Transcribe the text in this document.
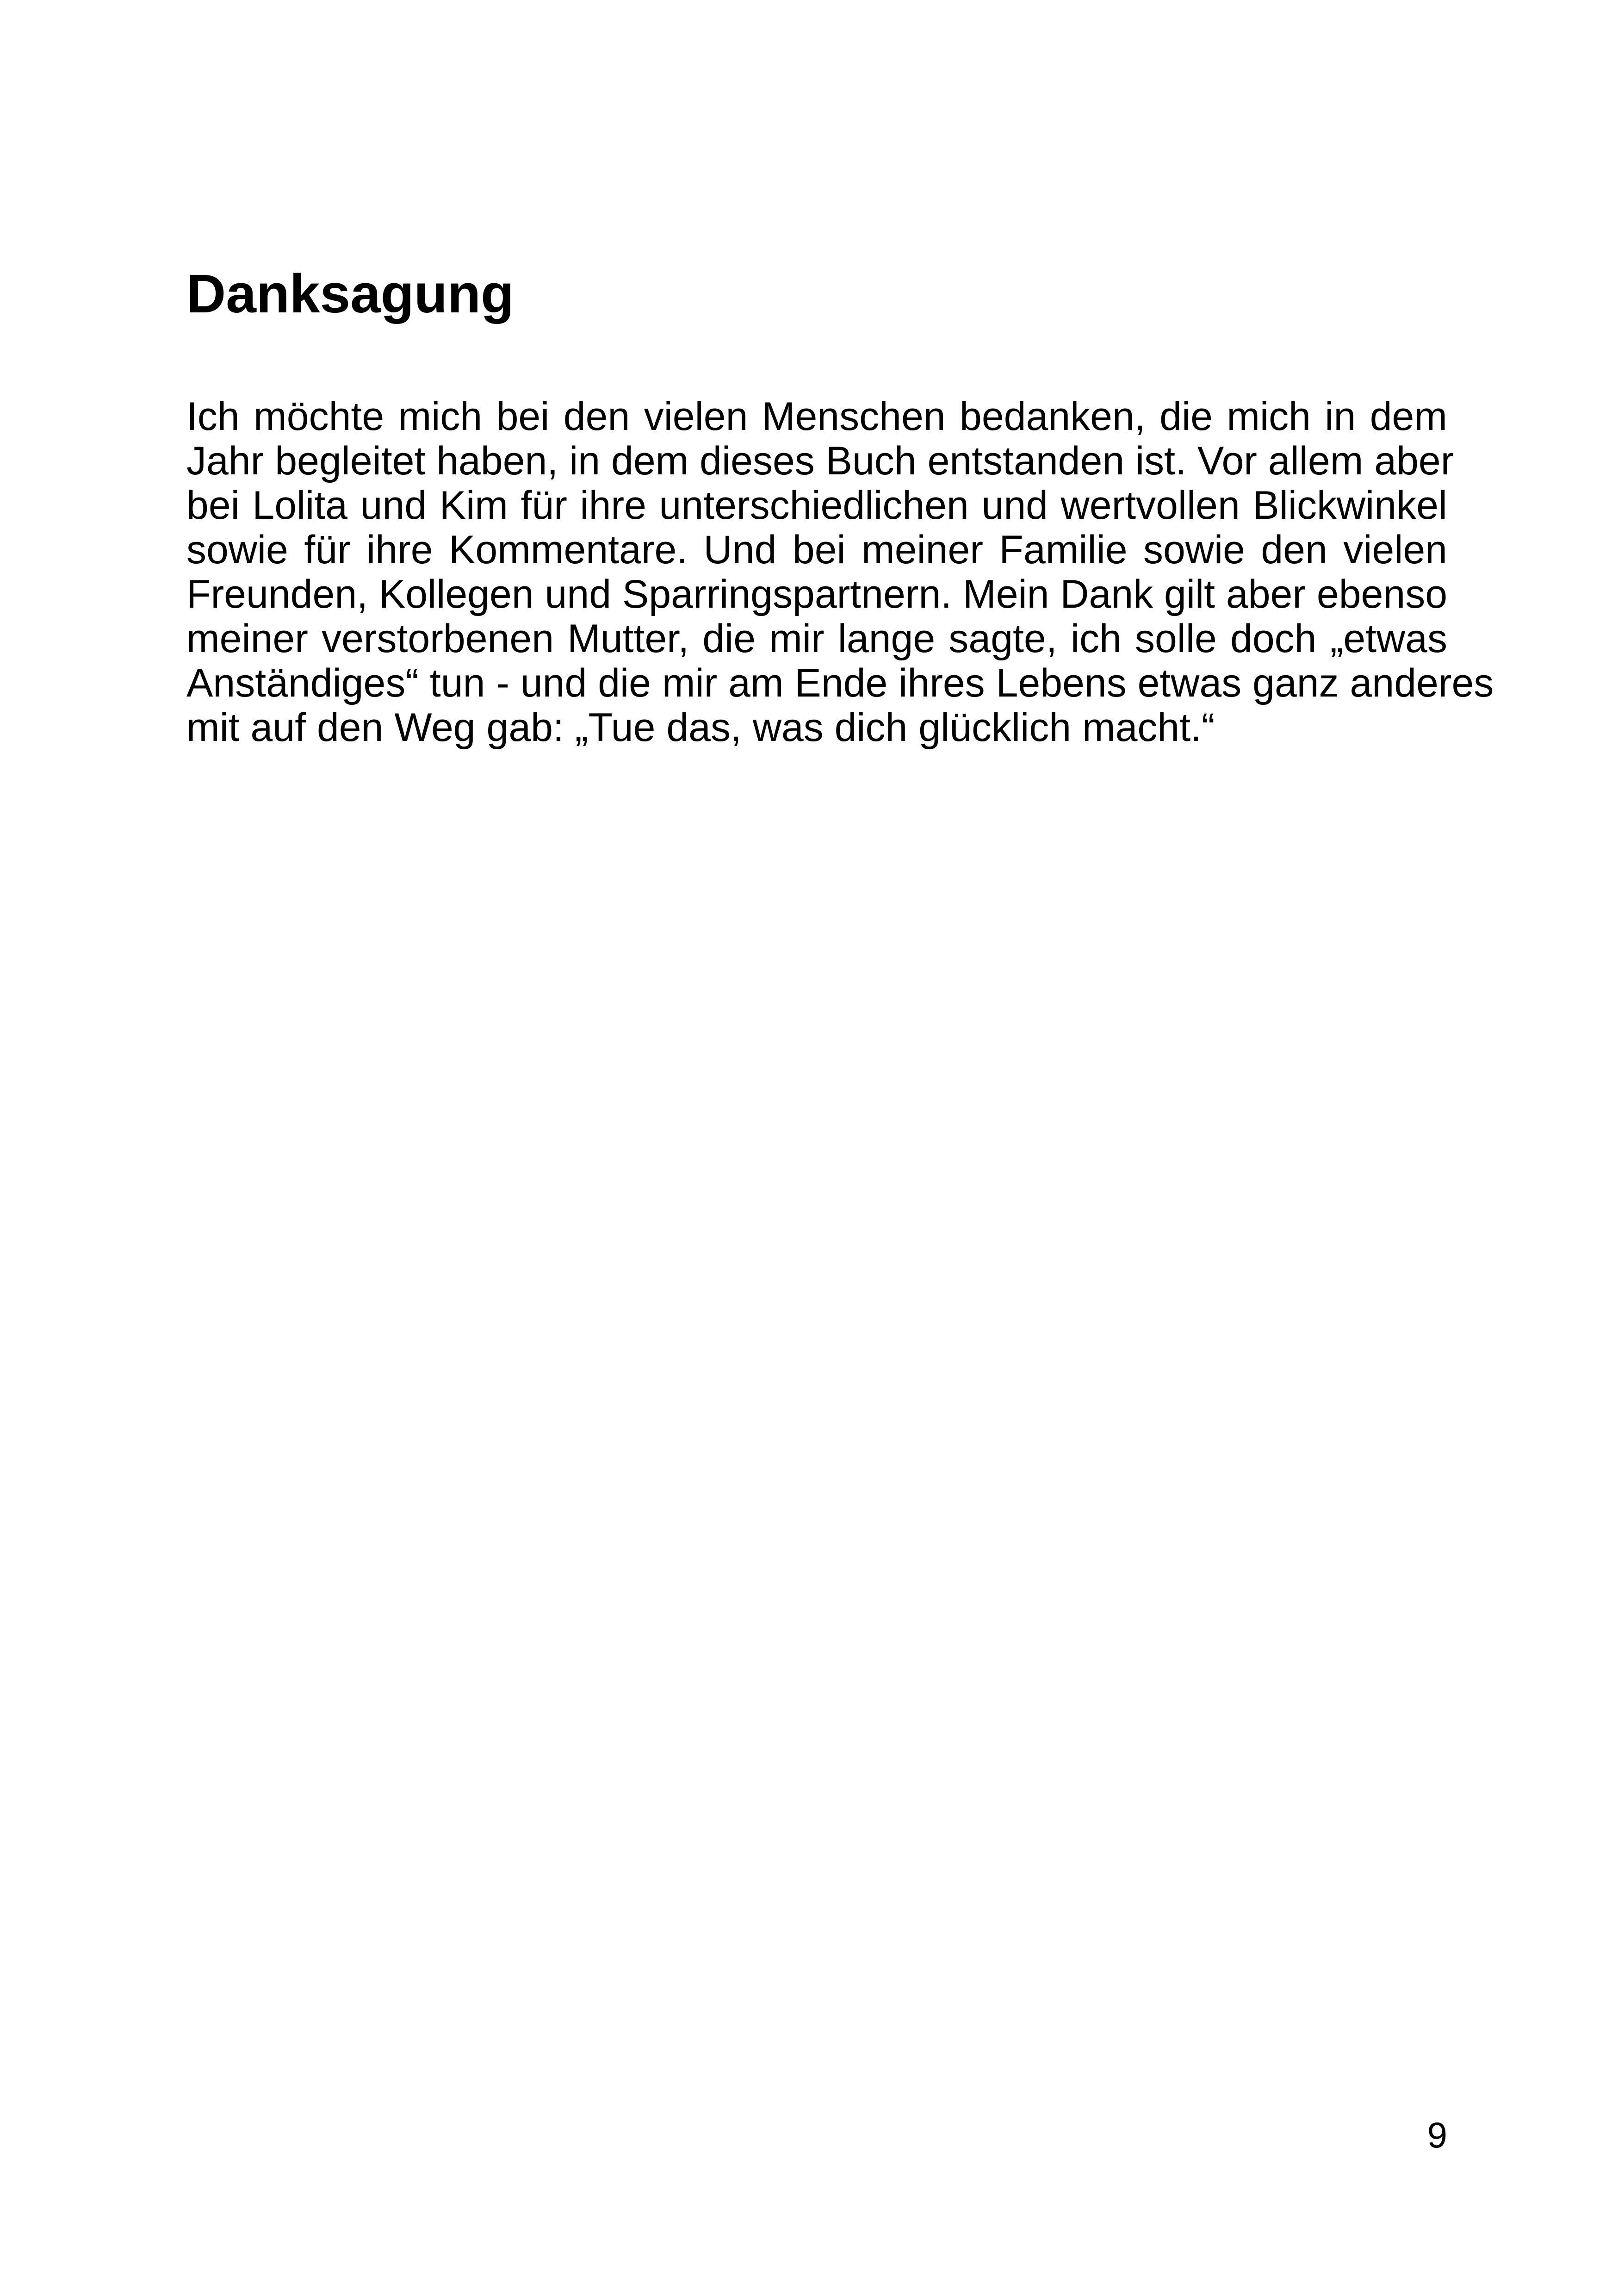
Danksagung

Ich möchte mich bei den vielen Menschen bedanken, die mich in dem
Jahr begleitet haben, in dem dieses Buch entstanden ist. Vor allem aber
bei Lolita und Kim für ihre unterschiedlichen und wertvollen Blickwinkel
sowie für ihre Kommentare. Und bei meiner Familie sowie den vielen
Freunden, Kollegen und Sparringspartnern. Mein Dank gilt aber ebenso
meiner verstorbenen Mutter, die mir lange sagte, ich solle doch „etwas
Anständiges“ tun - und die mir am Ende ihres Lebens etwas ganz anderes
mit auf den Weg gab: „Tue das, was dich glücklich macht.“

9
